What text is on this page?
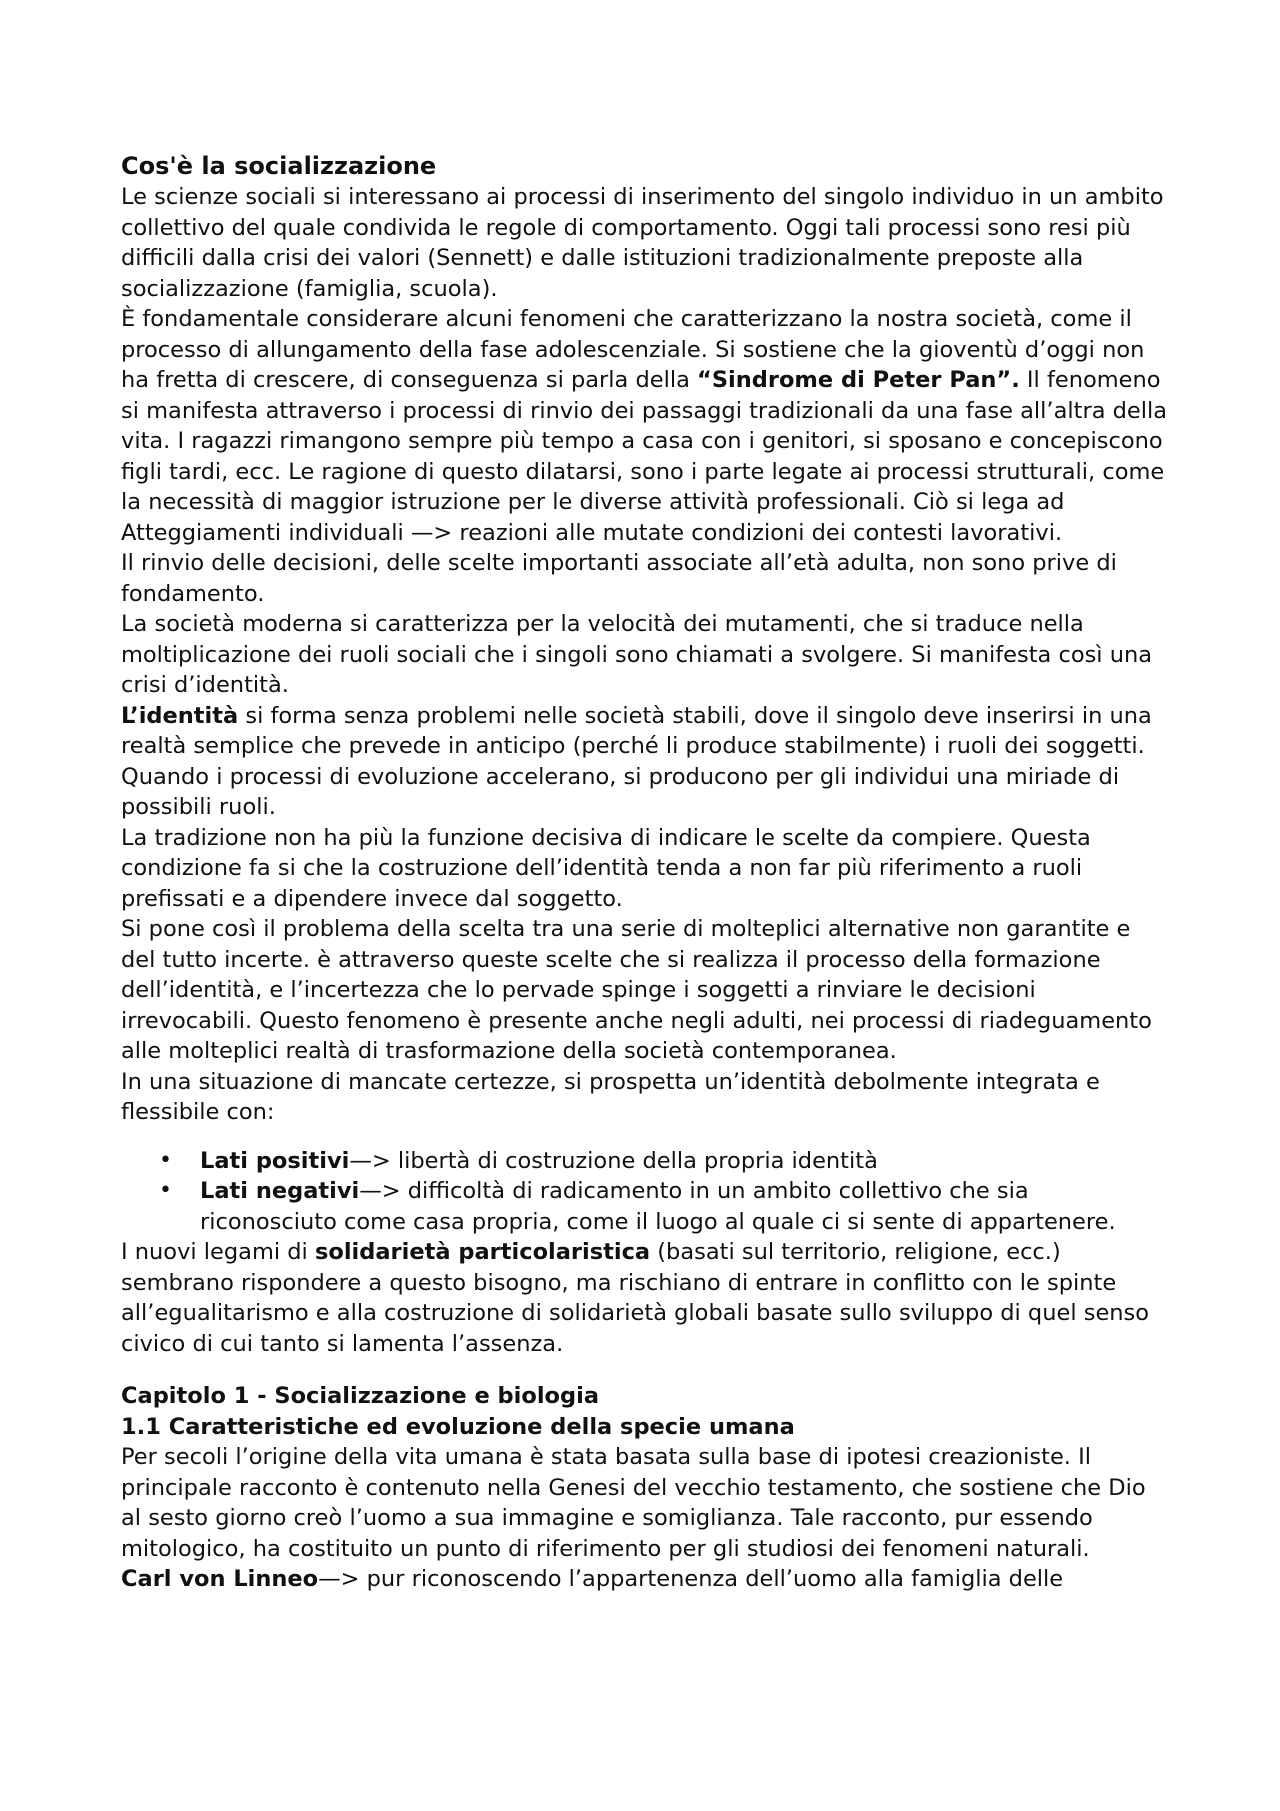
Cos'è la socializzazione

Le scienze sociali si interessano ai processi di inserimento del singolo individuo in un ambito collettivo del quale condivida le regole di comportamento. Oggi tali processi sono resi più difficili dalla crisi dei valori (Sennett) e dalle istituzioni tradizionalmente preposte alla socializzazione (famiglia, scuola).

È fondamentale considerare alcuni fenomeni che caratterizzano la nostra società, come il processo di allungamento della fase adolescenziale. Si sostiene che la gioventù d’oggi non ha fretta di crescere, di conseguenza si parla della “Sindrome di Peter Pan”. Il fenomeno si manifesta attraverso i processi di rinvio dei passaggi tradizionali da una fase all’altra della vita. I ragazzi rimangono sempre più tempo a casa con i genitori, si sposano e concepiscono figli tardi, ecc. Le ragione di questo dilatarsi, sono i parte legate ai processi strutturali, come la necessità di maggior istruzione per le diverse attività professionali. Ciò si lega ad Atteggiamenti individuali —> reazioni alle mutate condizioni dei contesti lavorativi.

Il rinvio delle decisioni, delle scelte importanti associate all’età adulta, non sono prive di fondamento.

La società moderna si caratterizza per la velocità dei mutamenti, che si traduce nella moltiplicazione dei ruoli sociali che i singoli sono chiamati a svolgere. Si manifesta così una crisi d’identità.

L’identità si forma senza problemi nelle società stabili, dove il singolo deve inserirsi in una realtà semplice che prevede in anticipo (perché li produce stabilmente) i ruoli dei soggetti. Quando i processi di evoluzione accelerano, si producono per gli individui una miriade di possibili ruoli.

La tradizione non ha più la funzione decisiva di indicare le scelte da compiere. Questa condizione fa si che la costruzione dell’identità tenda a non far più riferimento a ruoli prefissati e a dipendere invece dal soggetto.

Si pone così il problema della scelta tra una serie di molteplici alternative non garantite e del tutto incerte. è attraverso queste scelte che si realizza il processo della formazione dell’identità, e l’incertezza che lo pervade spinge i soggetti a rinviare le decisioni irrevocabili. Questo fenomeno è presente anche negli adulti, nei processi di riadeguamento alle molteplici realtà di trasformazione della società contemporanea.

In una situazione di mancate certezze, si prospetta un’identità debolmente integrata e flessibile con:

• Lati positivi—> libertà di costruzione della propria identità
• Lati negativi—> difficoltà di radicamento in un ambito collettivo che sia riconosciuto come casa propria, come il luogo al quale ci si sente di appartenere.

I nuovi legami di solidarietà particolaristica (basati sul territorio, religione, ecc.) sembrano rispondere a questo bisogno, ma rischiano di entrare in conflitto con le spinte all’egualitarismo e alla costruzione di solidarietà globali basate sullo sviluppo di quel senso civico di cui tanto si lamenta l’assenza.

Capitolo 1 - Socializzazione e biologia
1.1 Caratteristiche ed evoluzione della specie umana

Per secoli l’origine della vita umana è stata basata sulla base di ipotesi creazioniste. Il principale racconto è contenuto nella Genesi del vecchio testamento, che sostiene che Dio al sesto giorno creò l’uomo a sua immagine e somiglianza. Tale racconto, pur essendo mitologico, ha costituito un punto di riferimento per gli studiosi dei fenomeni naturali.

Carl von Linneo—> pur riconoscendo l’appartenenza dell’uomo alla famiglia delle
